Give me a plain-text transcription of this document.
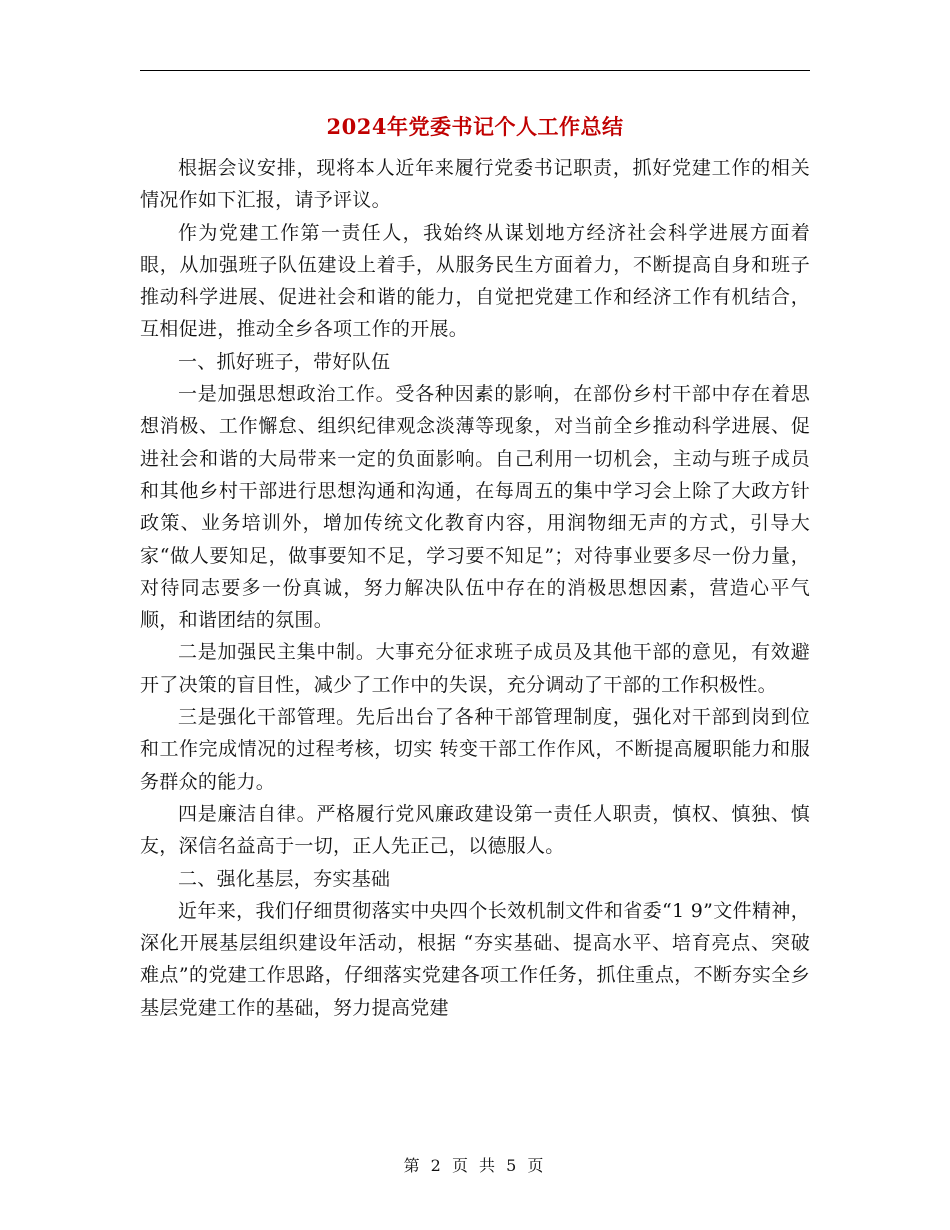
2024年党委书记个人工作总结

根据会议安排，现将本人近年来履行党委书记职责，抓好党建工作的相关情况作如下汇报，请予评议。

作为党建工作第一责任人，我始终从谋划地方经济社会科学进展方面着眼，从加强班子队伍建设上着手，从服务民生方面着力，不断提高自身和班子推动科学进展、促进社会和谐的能力，自觉把党建工作和经济工作有机结合，互相促进，推动全乡各项工作的开展。

一、抓好班子，带好队伍

一是加强思想政治工作。受各种因素的影响，在部份乡村干部中存在着思想消极、工作懈怠、组织纪律观念淡薄等现象，对当前全乡推动科学进展、促进社会和谐的大局带来一定的负面影响。自己利用一切机会，主动与班子成员和其他乡村干部进行思想沟通和沟通，在每周五的集中学习会上除了大政方针政策、业务培训外，增加传统文化教育内容，用润物细无声的方式，引导大家“做人要知足，做事要知不足，学习要不知足”；对待事业要多尽一份力量，对待同志要多一份真诚，努力解决队伍中存在的消极思想因素，营造心平气顺，和谐团结的氛围。

二是加强民主集中制。大事充分征求班子成员及其他干部的意见，有效避开了决策的盲目性，减少了工作中的失误，充分调动了干部的工作积极性。

三是强化干部管理。先后出台了各种干部管理制度，强化对干部到岗到位和工作完成情况的过程考核，切实 转变干部工作作风，不断提高履职能力和服务群众的能力。

四是廉洁自律。严格履行党风廉政建设第一责任人职责，慎权、慎独、慎友，深信名益高于一切，正人先正己，以德服人。

二、强化基层，夯实基础

近年来，我们仔细贯彻落实中央四个长效机制文件和省委“1 9”文件精神，深化开展基层组织建设年活动，根据 “夯实基础、提高水平、培育亮点、突破难点”的党建工作思路，仔细落实党建各项工作任务，抓住重点，不断夯实全乡基层党建工作的基础，努力提高党建

第 2 页 共 5 页
